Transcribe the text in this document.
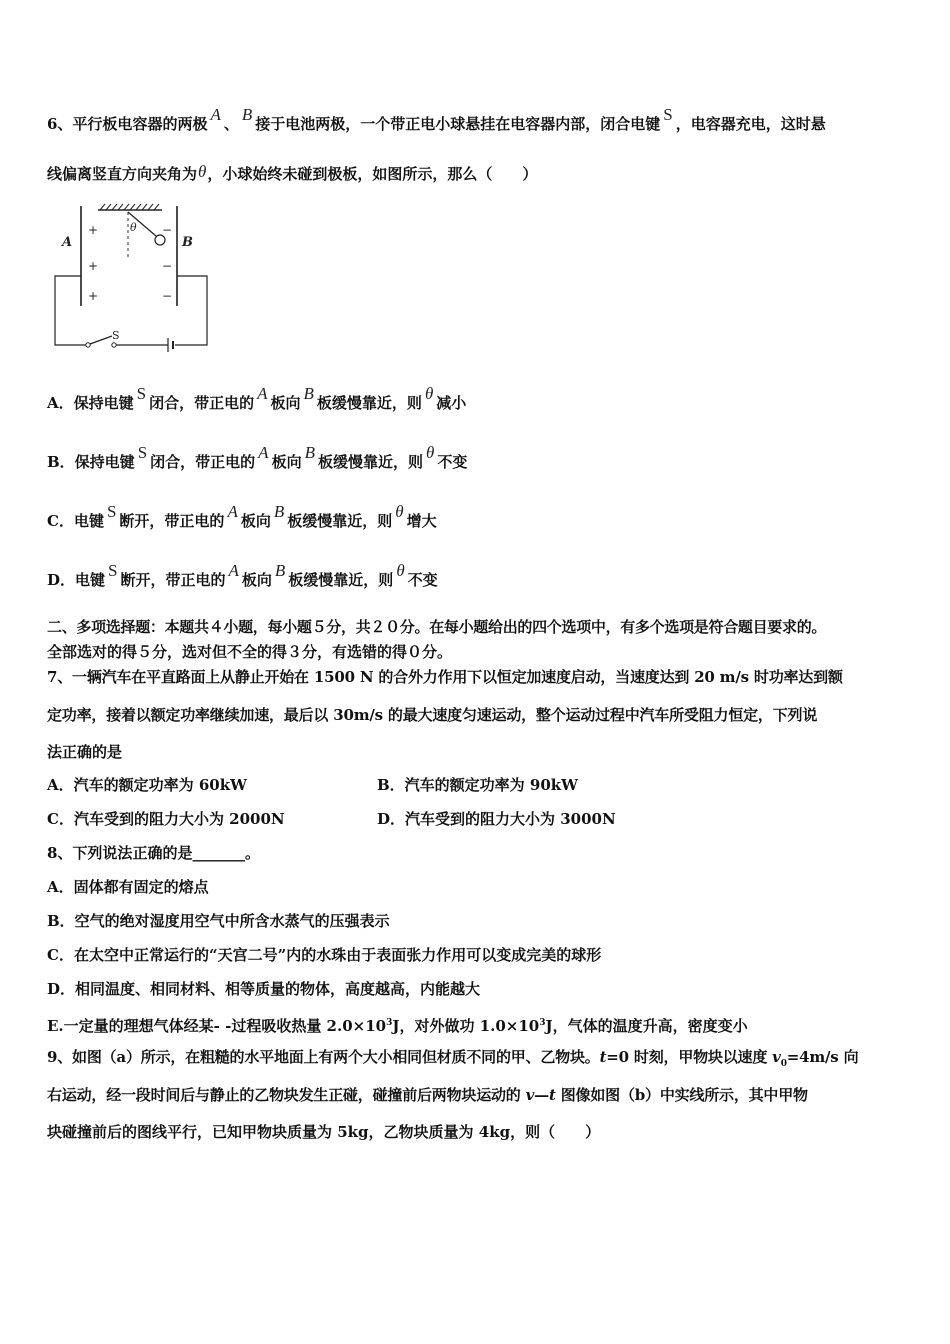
6、平行板电容器的两极 A 、 B 接于电池两极，一个带正电小球悬挂在电容器内部，闭合电键 S ，电容器充电，这时悬
线偏离竖直方向夹角为θ，小球始终未碰到极板，如图所示，那么（　　）
+
+
+
−
−
−
A	B
θ
S
A．保持电键 S 闭合，带正电的 A 板向 B 板缓慢靠近，则 θ 减小
B．保持电键 S 闭合，带正电的 A 板向 B 板缓慢靠近，则 θ 不变
C．电键 S 断开，带正电的 A 板向 B 板缓慢靠近，则 θ 增大
D．电键 S 断开，带正电的 A 板向 B 板缓慢靠近，则 θ 不变
二、多项选择题：本题共４小题，每小题５分，共２０分。在每小题给出的四个选项中，有多个选项是符合题目要求的。
全部选对的得５分，选对但不全的得３分，有选错的得０分。
7、一辆汽车在平直路面上从静止开始在 1500 N 的合外力作用下以恒定加速度启动，当速度达到 20 m/s 时功率达到额
定功率，接着以额定功率继续加速，最后以 30m/s 的最大速度匀速运动，整个运动过程中汽车所受阻力恒定，下列说
法正确的是
A．汽车的额定功率为 60kW	B．汽车的额定功率为 90kW
C．汽车受到的阻力大小为 2000N	D．汽车受到的阻力大小为 3000N
8、下列说法正确的是_______。
A．固体都有固定的熔点
B．空气的绝对湿度用空气中所含水蒸气的压强表示
C．在太空中正常运行的“天宫二号”内的水珠由于表面张力作用可以变成完美的球形
D．相同温度、相同材料、相等质量的物体，高度越高，内能越大
E.一定量的理想气体经某- -过程吸收热量 $2.0\times 10^3J$，对外做功 $1.0\times 10^3J$，气体的温度升高，密度变小
9、如图（a）所示，在粗糙的水平地面上有两个大小相同但材质不同的甲、乙物块。t=0 时刻，甲物块以速度 $v_0=4m/s$ 向
右运动，经一段时间后与静止的乙物块发生正碰，碰撞前后两物块运动的 v—t 图像如图（b）中实线所示，其中甲物
块碰撞前后的图线平行，已知甲物块质量为 5kg，乙物块质量为 4kg，则（　　）
